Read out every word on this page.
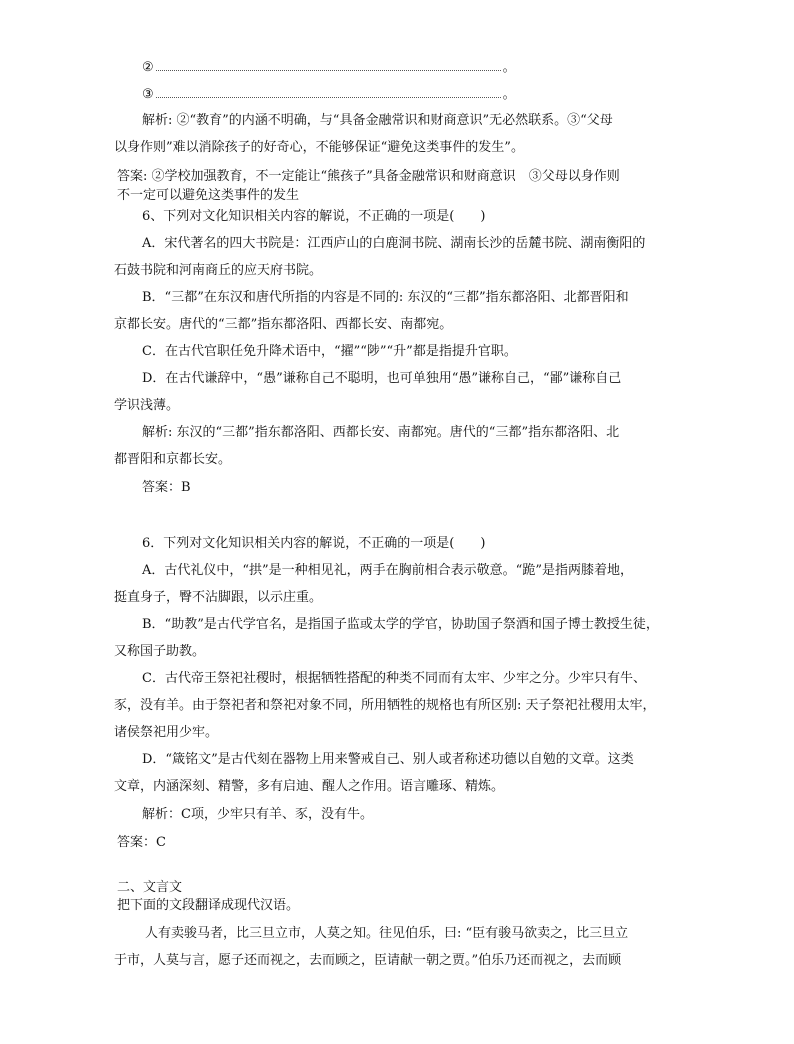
②	。
③	。
解析: ②“教育”的内涵不明确，与“具备金融常识和财商意识”无必然联系。③“父母
以身作则”难以消除孩子的好奇心，不能够保证“避免这类事件的发生”。
答案: ②学校加强教育，不一定能让“熊孩子”具备金融常识和财商意识　③父母以身作则
不一定可以避免这类事件的发生
6、下列对文化知识相关内容的解说，不正确的一项是(　　)
A．宋代著名的四大书院是：江西庐山的白鹿洞书院、湖南长沙的岳麓书院、湖南衡阳的
石鼓书院和河南商丘的应天府书院。
B．“三都”在东汉和唐代所指的内容是不同的: 东汉的“三都”指东都洛阳、北都晋阳和
京都长安。唐代的“三都”指东都洛阳、西都长安、南都宛。
C．在古代官职任免升降术语中，“擢”“陟”“升”都是指提升官职。
D．在古代谦辞中，“愚”谦称自己不聪明，也可单独用“愚”谦称自己，“鄙”谦称自己
学识浅薄。
解析: 东汉的“三都”指东都洛阳、西都长安、南都宛。唐代的“三都”指东都洛阳、北
都晋阳和京都长安。
答案：B
6．下列对文化知识相关内容的解说，不正确的一项是(　　)
A．古代礼仪中，“拱”是一种相见礼，两手在胸前相合表示敬意。“跪”是指两膝着地，
挺直身子，臀不沾脚跟，以示庄重。
B．“助教”是古代学官名，是指国子监或太学的学官，协助国子祭酒和国子博士教授生徒，
又称国子助教。
C．古代帝王祭祀社稷时，根据牺牲搭配的种类不同而有太牢、少牢之分。少牢只有牛、
豕，没有羊。由于祭祀者和祭祀对象不同，所用牺牲的规格也有所区别: 天子祭祀社稷用太牢，
诸侯祭祀用少牢。
D．“箴铭文”是古代刻在器物上用来警戒自己、别人或者称述功德以自勉的文章。这类
文章，内涵深刻、精警，多有启迪、醒人之作用。语言雕琢、精炼。
解析：C项，少牢只有羊、豕，没有牛。
答案：C
二、文言文
把下面的文段翻译成现代汉语。
人有卖骏马者，比三旦立市，人莫之知。往见伯乐，曰: “臣有骏马欲卖之，比三旦立
于市，人莫与言，愿子还而视之，去而顾之，臣请献一朝之贾。”伯乐乃还而视之，去而顾
